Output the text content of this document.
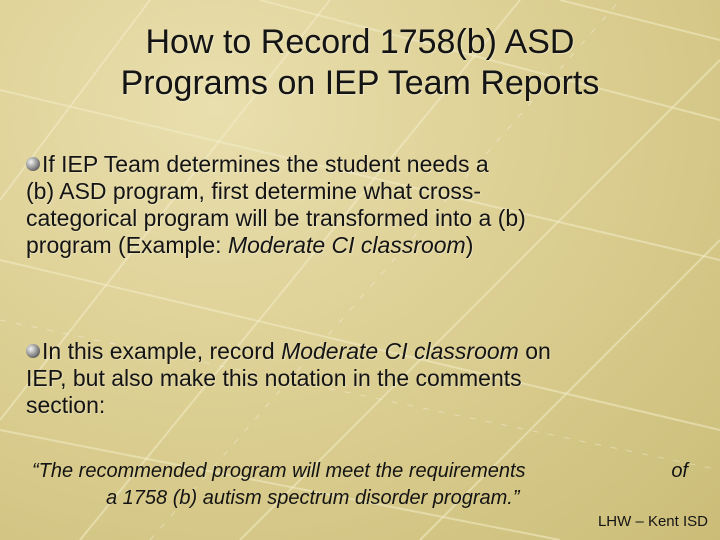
How to Record 1758(b) ASD
Programs on IEP Team Reports
If IEP Team determines the student needs a
(b) ASD program, first determine what cross-
categorical program will be transformed into a (b)
program (Example: Moderate CI classroom)
In this example, record Moderate CI classroom on
IEP, but also make this notation in the comments
section:
“The recommended program will meet the requirements	of
a 1758 (b) autism spectrum disorder program.”
LHW – Kent ISD
